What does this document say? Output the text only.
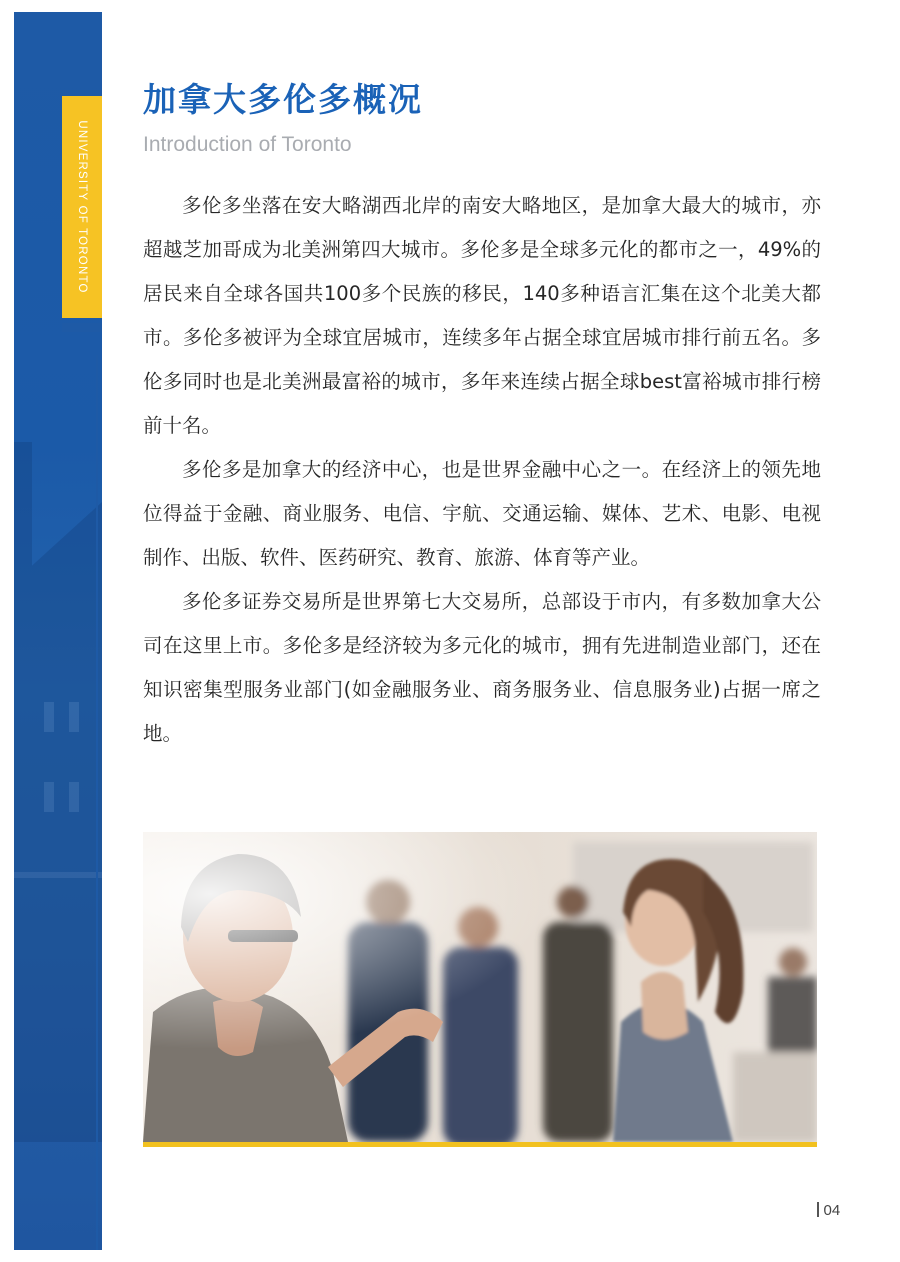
UNIVERSITY OF TORONTO
加拿大多伦多概况
Introduction of Toronto

多伦多坐落在安大略湖西北岸的南安大略地区，是加拿大最大的城市，亦超越芝加哥成为北美洲第四大城市。多伦多是全球多元化的都市之一，49%的居民来自全球各国共100多个民族的移民，140多种语言汇集在这个北美大都市。多伦多被评为全球宜居城市，连续多年占据全球宜居城市排行前五名。多伦多同时也是北美洲最富裕的城市，多年来连续占据全球best富裕城市排行榜前十名。

多伦多是加拿大的经济中心，也是世界金融中心之一。在经济上的领先地位得益于金融、商业服务、电信、宇航、交通运输、媒体、艺术、电影、电视制作、出版、软件、医药研究、教育、旅游、体育等产业。

多伦多证券交易所是世界第七大交易所，总部设于市内，有多数加拿大公司在这里上市。多伦多是经济较为多元化的城市，拥有先进制造业部门，还在知识密集型服务业部门(如金融服务业、商务服务业、信息服务业)占据一席之地。

04
